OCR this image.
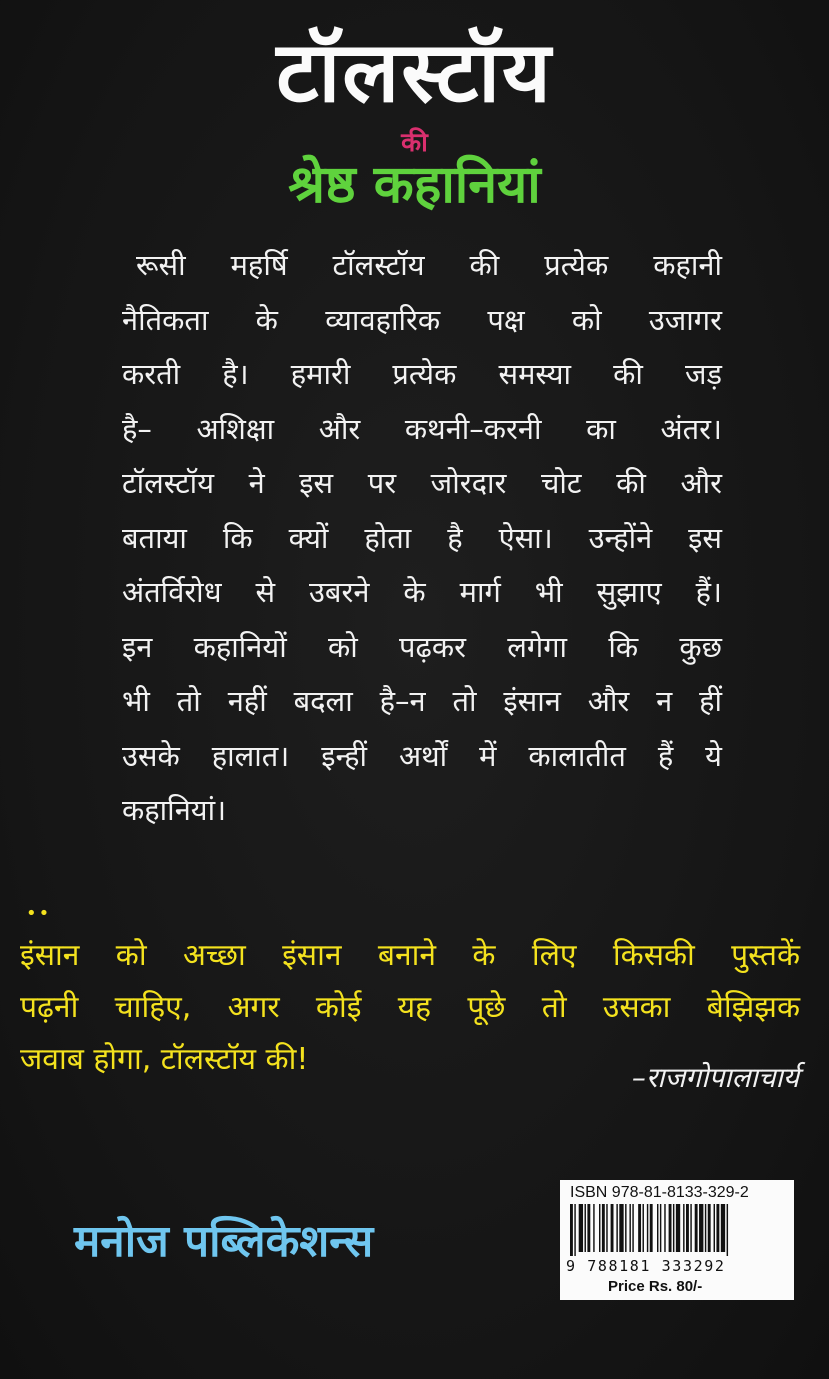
टॉलस्टॉय
की
श्रेष्ठ कहानियां
रूसी महर्षि टॉलस्टॉय की प्रत्येक कहानी
नैतिकता के व्यावहारिक पक्ष को उजागर
करती है। हमारी प्रत्येक समस्या की जड़
है– अशिक्षा और कथनी–करनी का अंतर।
टॉलस्टॉय ने इस पर जोरदार चोट की और
बताया कि क्यों होता है ऐसा। उन्होंने इस
अंतर्विरोध से उबरने के मार्ग भी सुझाए हैं।
इन कहानियों को पढ़कर लगेगा कि कुछ
भी तो नहीं बदला है–न तो इंसान और न हीं
उसके हालात। इन्हीं अर्थों में कालातीत हैं ये
कहानियां।
••
इंसान को अच्छा इंसान बनाने के लिए किसकी पुस्तकें
पढ़नी चाहिए, अगर कोई यह पूछे तो उसका बेझिझक
जवाब होगा, टॉलस्टॉय की!
–राजगोपालाचार्य
मनोज पब्लिकेशन्स
ISBN 978-81-8133-329-2
9 788181 333292
Price Rs. 80/-
